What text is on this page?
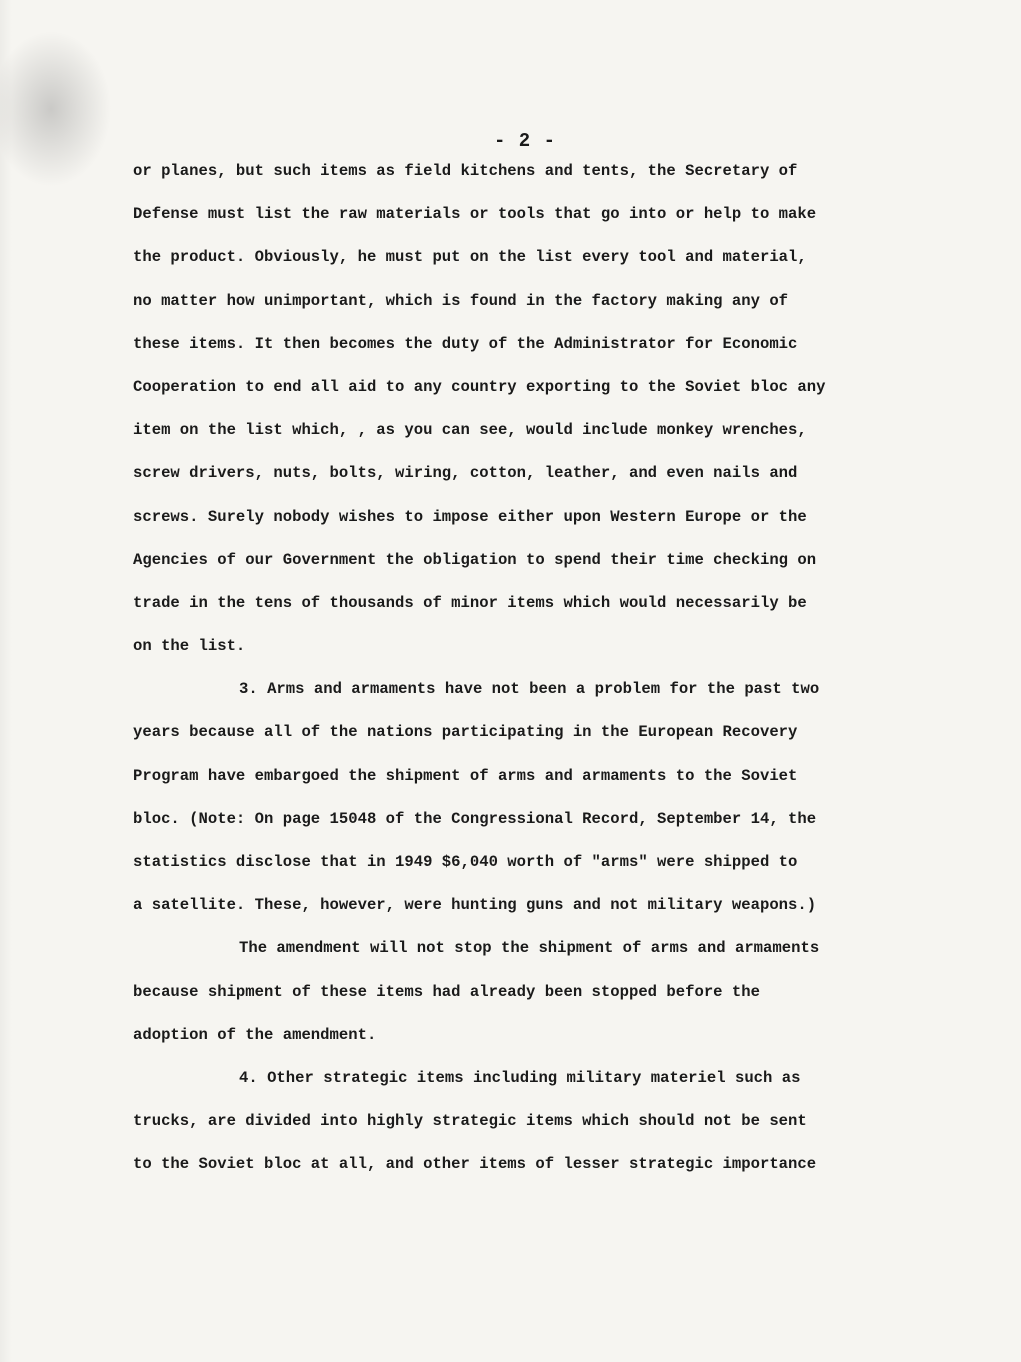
- 2 -
or planes, but such items as field kitchens and tents, the Secretary of
Defense must list the raw materials or tools that go into or help to make
the product. Obviously, he must put on the list every tool and material,
no matter how unimportant, which is found in the factory making any of
these items. It then becomes the duty of the Administrator for Economic
Cooperation to end all aid to any country exporting to the Soviet bloc any
item on the list which, , as you can see, would include monkey wrenches,
screw drivers, nuts, bolts, wiring, cotton, leather, and even nails and
screws. Surely nobody wishes to impose either upon Western Europe or the
Agencies of our Government the obligation to spend their time checking on
trade in the tens of thousands of minor items which would necessarily be
on the list.
3. Arms and armaments have not been a problem for the past two
years because all of the nations participating in the European Recovery
Program have embargoed the shipment of arms and armaments to the Soviet
bloc. (Note: On page 15048 of the Congressional Record, September 14, the
statistics disclose that in 1949 $6,040 worth of "arms" were shipped to
a satellite. These, however, were hunting guns and not military weapons.)
The amendment will not stop the shipment of arms and armaments
because shipment of these items had already been stopped before the
adoption of the amendment.
4. Other strategic items including military materiel such as
trucks, are divided into highly strategic items which should not be sent
to the Soviet bloc at all, and other items of lesser strategic importance
